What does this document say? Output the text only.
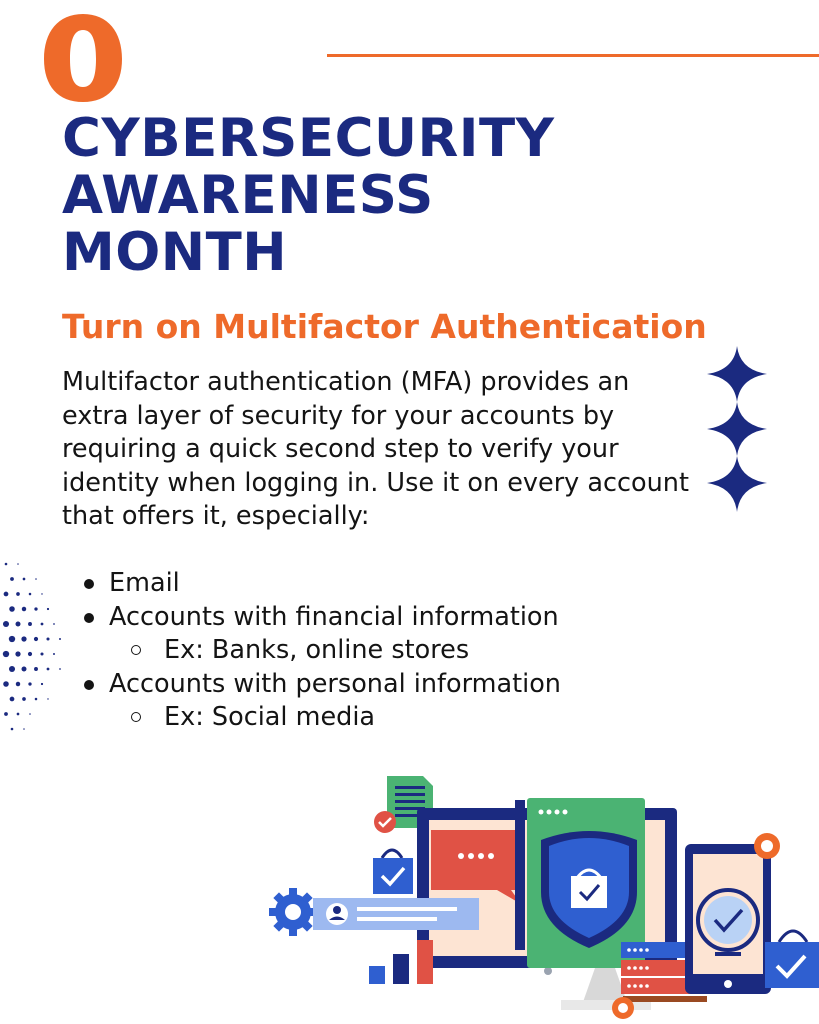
CYBERSECURITY
AWARENESS
MONTH
Turn on Multifactor Authentication

Multifactor authentication (MFA) provides an extra layer of security for your accounts by requiring a quick second step to verify your identity when logging in. Use it on every account that offers it, especially:

Email
Accounts with financial information
Ex: Banks, online stores
Accounts with personal information
Ex: Social media
